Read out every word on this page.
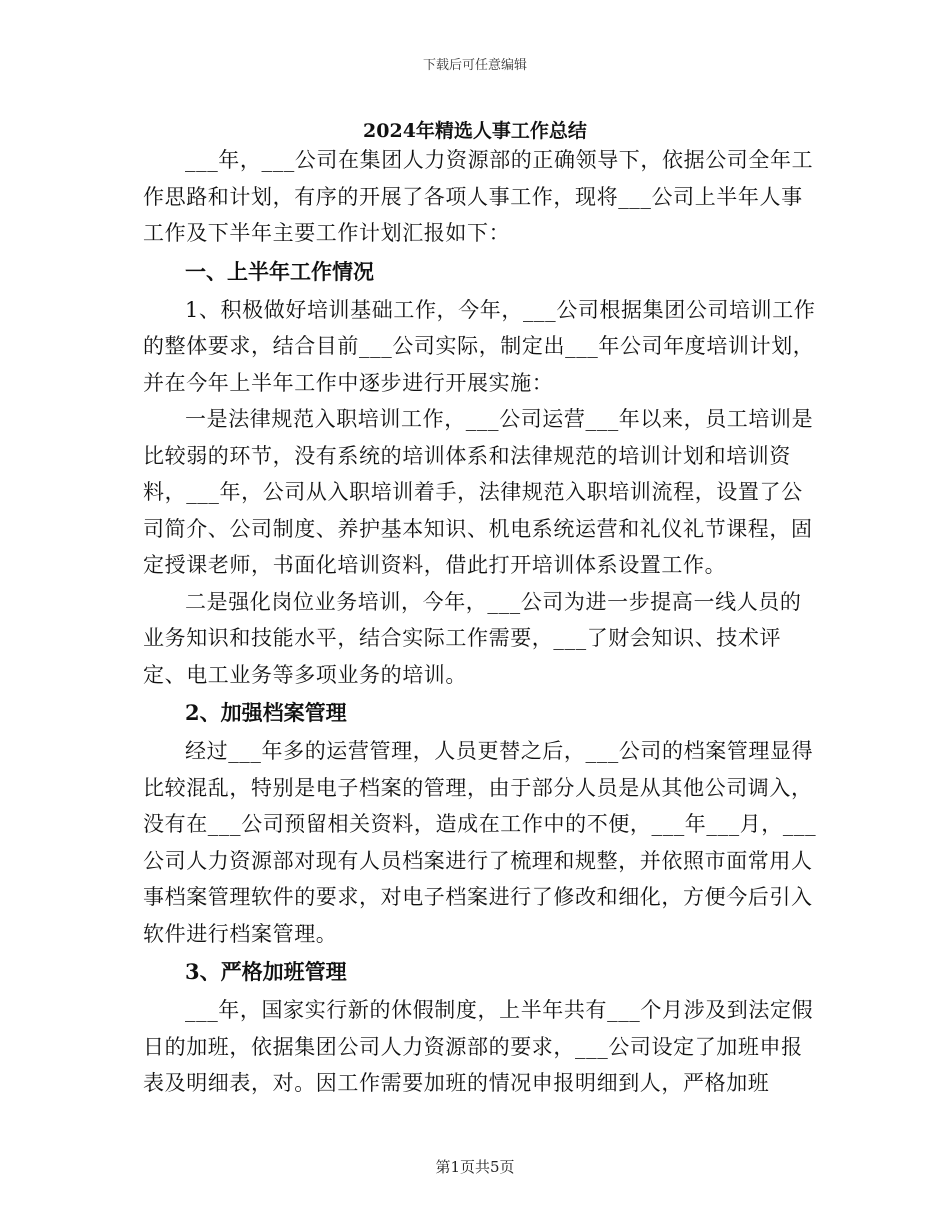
下载后可任意编辑
2024年精选人事工作总结

___年，___公司在集团人力资源部的正确领导下，依据公司全年工作思路和计划，有序的开展了各项人事工作，现将___公司上半年人事工作及下半年主要工作计划汇报如下：

一、上半年工作情况

1、积极做好培训基础工作，今年，___公司根据集团公司培训工作的整体要求，结合目前___公司实际，制定出___年公司年度培训计划，并在今年上半年工作中逐步进行开展实施：

一是法律规范入职培训工作，___公司运营___年以来，员工培训是比较弱的环节，没有系统的培训体系和法律规范的培训计划和培训资料，___年，公司从入职培训着手，法律规范入职培训流程，设置了公司简介、公司制度、养护基本知识、机电系统运营和礼仪礼节课程，固定授课老师，书面化培训资料，借此打开培训体系设置工作。

二是强化岗位业务培训，今年，___公司为进一步提高一线人员的业务知识和技能水平，结合实际工作需要，___了财会知识、技术评定、电工业务等多项业务的培训。

2、加强档案管理

经过___年多的运营管理，人员更替之后，___公司的档案管理显得比较混乱，特别是电子档案的管理，由于部分人员是从其他公司调入，没有在___公司预留相关资料，造成在工作中的不便，___年___月，___公司人力资源部对现有人员档案进行了梳理和规整，并依照市面常用人事档案管理软件的要求，对电子档案进行了修改和细化，方便今后引入软件进行档案管理。

3、严格加班管理

___年，国家实行新的休假制度，上半年共有___个月涉及到法定假日的加班，依据集团公司人力资源部的要求，___公司设定了加班申报表及明细表，对。因工作需要加班的情况申报明细到人，严格加班

第1页共5页
